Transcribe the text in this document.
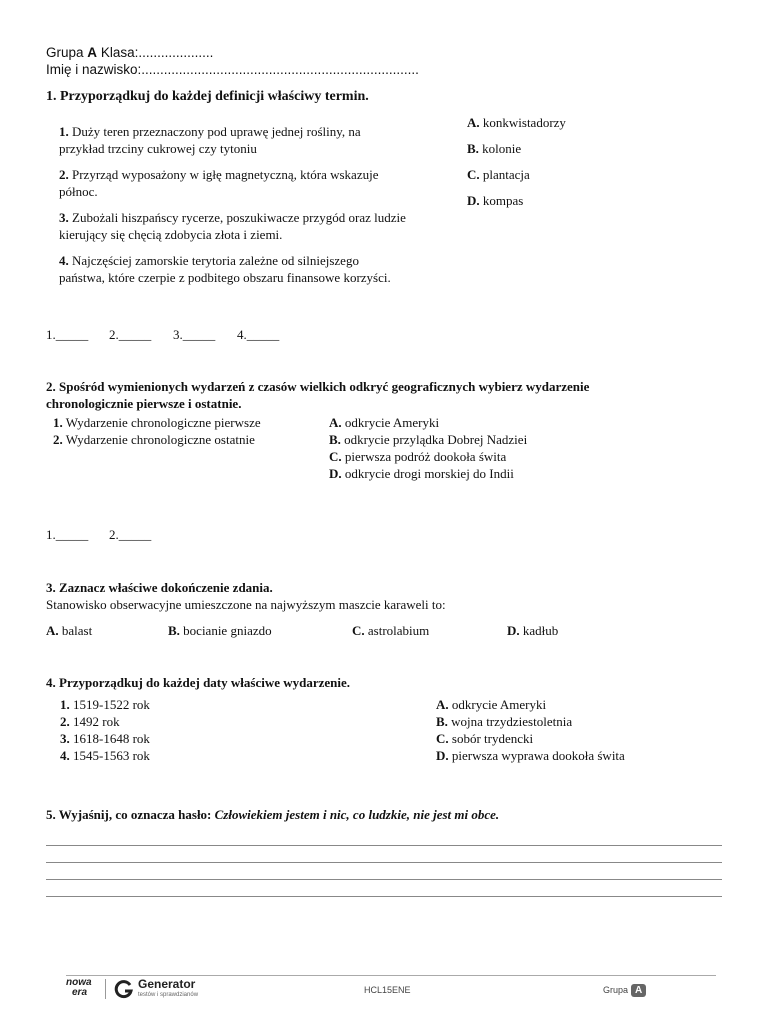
Grupa A Klasa:....................
Imię i nazwisko:..........................................................................
1. Przyporządkuj do każdej definicji właściwy termin.
1. Duży teren przeznaczony pod uprawę jednej rośliny, na przykład trzciny cukrowej czy tytoniu
2. Przyrząd wyposażony w igłę magnetyczną, która wskazuje północ.
3. Zubożali hiszpańscy rycerze, poszukiwacze przygód oraz ludzie kierujący się chęcią zdobycia złota i ziemi.
4. Najczęściej zamorskie terytoria zależne od silniejszego państwa, które czerpie z podbitego obszaru finansowe korzyści.
A. konkwistadorzy
B. kolonie
C. plantacja
D. kompas
1._____ 2._____ 3._____ 4._____
2. Spośród wymienionych wydarzeń z czasów wielkich odkryć geograficznych wybierz wydarzenie chronologicznie pierwsze i ostatnie.
1. Wydarzenie chronologiczne pierwsze
2. Wydarzenie chronologiczne ostatnie
A. odkrycie Ameryki
B. odkrycie przylądka Dobrej Nadziei
C. pierwsza podróż dookoła świta
D. odkrycie drogi morskiej do Indii
1._____ 2._____
3. Zaznacz właściwe dokończenie zdania.
Stanowisko obserwacyjne umieszczone na najwyższym maszcie karaweli to:
A. balast	B. bocianie gniazdo	C. astrolabium	D. kadłub
4. Przyporządkuj do każdej daty właściwe wydarzenie.
1. 1519-1522 rok
2. 1492 rok
3. 1618-1648 rok
4. 1545-1563 rok
A. odkrycie Ameryki
B. wojna trzydziestoletnia
C. sobór trydencki
D. pierwsza wyprawa dookoła świta
5. Wyjaśnij, co oznacza hasło: Człowiekiem jestem i nic, co ludzkie, nie jest mi obce.
nowa
era
Generator
testów i sprawdzianów	HCL15ENE	Grupa A
